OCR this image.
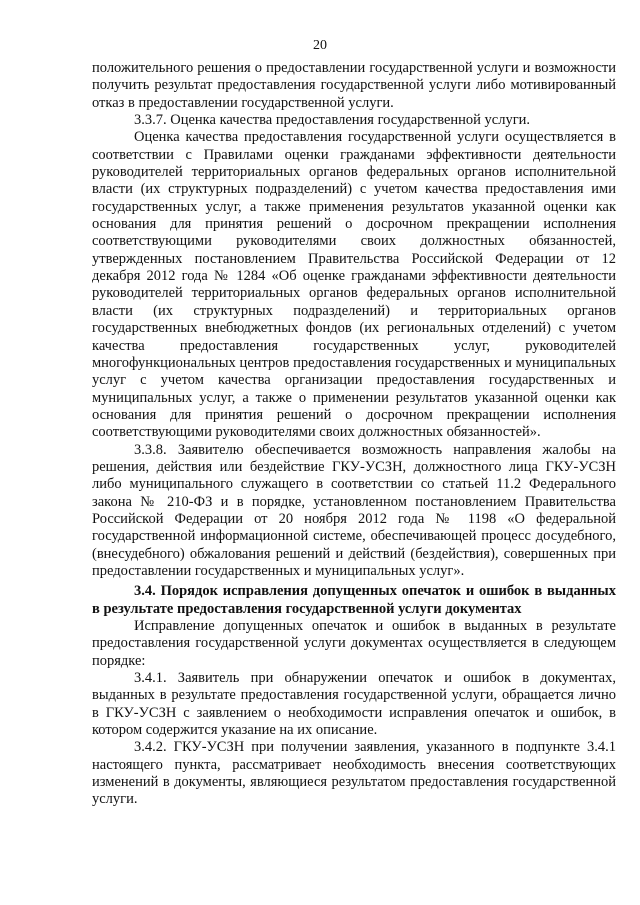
20

положительного решения о предоставлении государственной услуги и возможности получить результат предоставления государственной услуги либо мотивированный отказ в предоставлении государственной услуги.

3.3.7. Оценка качества предоставления государственной услуги.

Оценка качества предоставления государственной услуги осуществляется в соответствии с Правилами оценки гражданами эффективности деятельности руководителей территориальных органов федеральных органов исполнительной власти (их структурных подразделений) с учетом качества предоставления ими государственных услуг, а также применения результатов указанной оценки как основания для принятия решений о досрочном прекращении исполнения соответствующими руководителями своих должностных обязанностей, утвержденных постановлением Правительства Российской Федерации от 12 декабря 2012 года № 1284 «Об оценке гражданами эффективности деятельности руководителей территориальных органов федеральных органов исполнительной власти (их структурных подразделений) и территориальных органов государственных внебюджетных фондов (их региональных отделений) с учетом качества предоставления государственных услуг, руководителей многофункциональных центров предоставления государственных и муниципальных услуг с учетом качества организации предоставления государственных и муниципальных услуг, а также о применении результатов указанной оценки как основания для принятия решений о досрочном прекращении исполнения соответствующими руководителями своих должностных обязанностей».

3.3.8. Заявителю обеспечивается возможность направления жалобы на решения, действия или бездействие ГКУ-УСЗН, должностного лица ГКУ-УСЗН либо муниципального служащего в соответствии со статьей 11.2 Федерального закона № 210-ФЗ и в порядке, установленном постановлением Правительства Российской Федерации от 20 ноября 2012 года № 1198 «О федеральной государственной информационной системе, обеспечивающей процесс досудебного, (внесудебного) обжалования решений и действий (бездействия), совершенных при предоставлении государственных и муниципальных услуг».

3.4. Порядок исправления допущенных опечаток и ошибок в выданных в результате предоставления государственной услуги документах

Исправление допущенных опечаток и ошибок в выданных в результате предоставления государственной услуги документах осуществляется в следующем порядке:

3.4.1. Заявитель при обнаружении опечаток и ошибок в документах, выданных в результате предоставления государственной услуги, обращается лично в ГКУ-УСЗН с заявлением о необходимости исправления опечаток и ошибок, в котором содержится указание на их описание.

3.4.2. ГКУ-УСЗН при получении заявления, указанного в подпункте 3.4.1 настоящего пункта, рассматривает необходимость внесения соответствующих изменений в документы, являющиеся результатом предоставления государственной услуги.
